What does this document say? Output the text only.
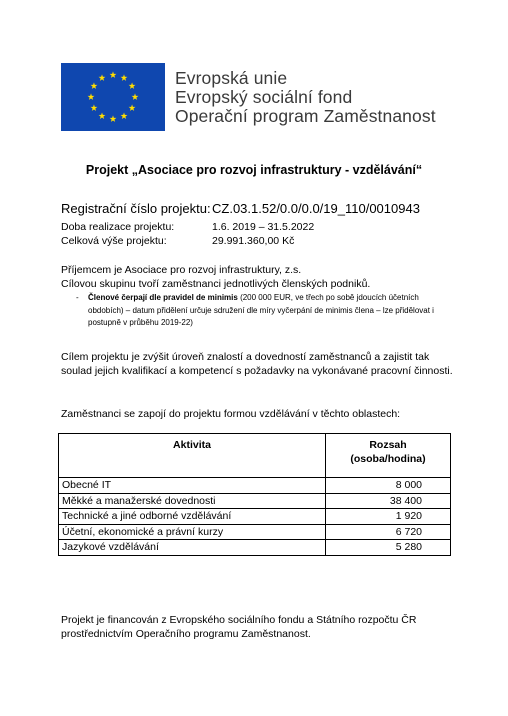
Evropská unie
Evropský sociální fond
Operační program Zaměstnanost
Projekt „Asociace pro rozvoj infrastruktury - vzdělávání“
Registrační číslo projektu:CZ.03.1.52/0.0/0.0/19_110/0010943
Doba realizace projektu:	1.6. 2019 – 31.5.2022
Celková výše projektu:	29.991.360,00 Kč
Příjemcem je Asociace pro rozvoj infrastruktury, z.s.
Cílovou skupinu tvoří zaměstnanci jednotlivých členských podniků.
- Členové čerpají dle pravidel de minimis (200 000 EUR, ve třech po sobě jdoucích účetních obdobích) – datum přidělení určuje sdružení dle míry vyčerpání de minimis člena – lze přidělovat i postupně v průběhu 2019-22)
Cílem projektu je zvýšit úroveň znalostí a dovedností zaměstnanců a zajistit tak soulad jejich kvalifikací a kompetencí s požadavky na vykonávané pracovní činnosti.
Zaměstnanci se zapojí do projektu formou vzdělávání v těchto oblastech:
Aktivita	Rozsah
(osoba/hodina)
Obecné IT	8 000
Měkké a manažerské dovednosti	38 400
Technické a jiné odborné vzdělávání	1 920
Účetní, ekonomické a právní kurzy	6 720
Jazykové vzdělávání	5 280
Projekt je financován z Evropského sociálního fondu a Státního rozpočtu ČR prostřednictvím Operačního programu Zaměstnanost.
